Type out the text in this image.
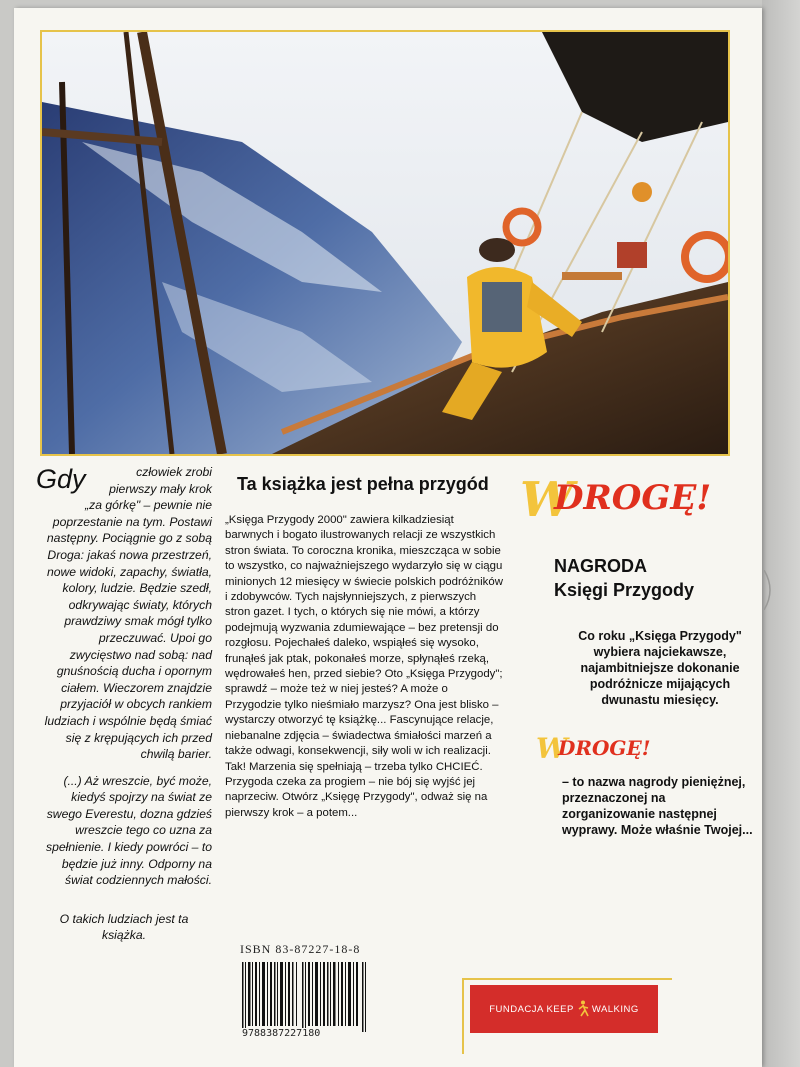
Gdy	człowiek zrobi pierwszy mały krok „za górkę" – pewnie nie poprzestanie na tym. Postawi następny. Pociągnie go z sobą Droga: jakaś nowa przestrzeń, nowe widoki, zapachy, światła, kolory, ludzie. Będzie szedł, odkrywając światy, których prawdziwy smak mógł tylko przeczuwać. Upoi go zwycięstwo nad sobą: nad gnuśnością ducha i opornym ciałem. Wieczorem znajdzie przyjaciół w obcych rankiem ludziach i wspólnie będą śmiać się z krępujących ich przed chwilą barier.

(...) Aż wreszcie, być może, kiedyś spojrzy na świat ze swego Everestu, dozna gdzieś wreszcie tego co uzna za spełnienie. I kiedy powróci – to będzie już inny. Odporny na świat codziennych małości.

O takich ludziach jest ta książka.

Ta książka jest pełna przygód

„Księga Przygody 2000" zawiera kilkadziesiąt barwnych i bogato ilustrowanych relacji ze wszystkich stron świata. To coroczna kronika, mieszcząca w sobie to wszystko, co najważniejszego wydarzyło się w ciągu minionych 12 miesięcy w świecie polskich podróżników i zdobywców. Tych najsłynniejszych, z pierwszych stron gazet. I tych, o których się nie mówi, a którzy podejmują wyzwania zdumiewające – bez pretensji do rozgłosu. Pojechałeś daleko, wspiąłeś się wysoko, frunąłeś jak ptak, pokonałeś morze, spłynąłeś rzeką, wędrowałeś hen, przed siebie? Oto „Księga Przygody"; sprawdź – może też w niej jesteś? A może o Przygodzie tylko nieśmiało marzysz? Ona jest blisko – wystarczy otworzyć tę książkę... Fascynujące relacje, niebanalne zdjęcia – świadectwa śmiałości marzeń a także odwagi, konsekwencji, siły woli w ich realizacji. Tak! Marzenia się spełniają – trzeba tylko CHCIEĆ. Przygoda czeka za progiem – nie bój się wyjść jej naprzeciw. Otwórz „Księgę Przygody", odważ się na pierwszy krok – a potem...

W
DROGĘ!
NAGRODA
Księgi Przygody
Co roku „Księga Przygody" wybiera najciekawsze, najambitniejsze dokonanie podróżnicze mijających dwunastu miesięcy.
W
DROGĘ!
– to nazwa nagrody pieniężnej, przeznaczonej na zorganizowanie następnej wyprawy. Może właśnie Twojej...
ISBN 83-87227-18-8
9788387227180
FUNDACJA KEEP WALKING
